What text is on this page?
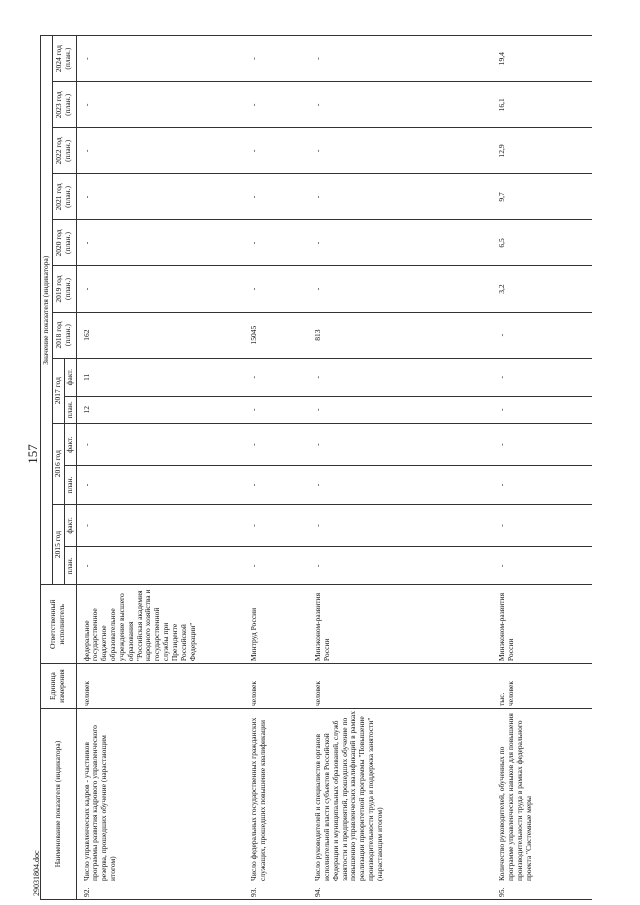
157
29031804.doc
Наименование показателя (индикатора)	Единица измерения	Ответственный исполнитель	Значение показателя (индикатора)												
			2015 год		2016 год		2017 год		2018 год (план.)	2019 год (план.)	2020 год (план.)	2021 год (план.)	2022 год (план.)	2023 год (план.)	2024 год (план.)
			план.	факт.	план.	факт.	план.	факт.							

92.
Число управленческих кадров - участников программы развития кадрового управленческого резерва, прошедших обучение (нарастающим итогом)	человек	федеральное государственное бюджетное образовательное учреждение высшего образования "Российская академия народного хозяйства и государственной службы при Президенте Российской Федерации"	-	-	-	-	12	11	162	-	-	-	-	-	-

93.
Число федеральных государственных гражданских служащих, прошедших повышение квалификации	человек	Минтруд России	-	-	-	-	-	-	15045	-	-	-	-	-	-

94.
Число руководителей и специалистов органов исполнительной власти субъектов Российской Федерации и муниципальных образований, служб занятости и предприятий, прошедших обучение по повышению управленческих квалификаций в рамках реализации приоритетной программы "Повышение производительности труда и поддержка занятости" (нарастающим итогом)	человек	Минэконом-развития России	-	-	-	-	-	-	813	-	-	-	-	-	-

95.
Количество руководителей, обученных по программе управленческих навыков для повышения производительности труда в рамках федерального проекта "Системные меры	тыс. человек	Минэконом-развития России	-	-	-	-	-	-	-	3,2	6,5	9,7	12,9	16,1	19,4
